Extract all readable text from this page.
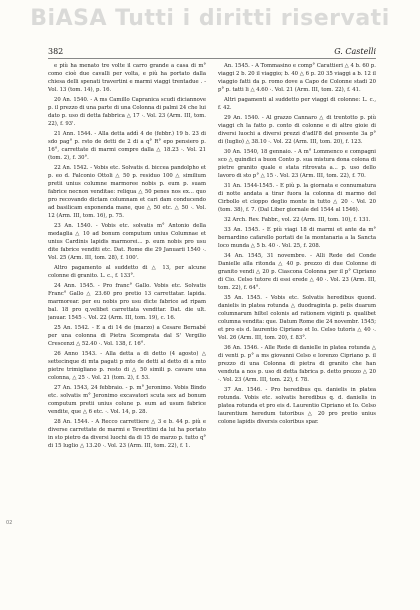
BiASA Tutti i diritti riservati
382	G. Castelli

e più ha menato tre volte il carro grande a casa di m° como cioè due cavalli per volta, e più ha portato dalla chiesa delli spenati travertini e marmi viaggi trentadue . - Vol. 13 (tom. 14), p. 16.

20 An. 1540. - A ms Camillo Capranica scudi diciannove p. il prezzo di una parte di una Colonna di palmi 24 che lui dato p. uso di detta fabbrica △ 17 ·. Vol. 23 (Arm. III, tom. 22), f. 93'.

21 Ann. 1544. - Alla detta addì 4 de (febbr.) 19 b. 23 di sdo pag° p. rsto de detti de 2 di a q° R° epo pensiero p. 16°, carrettate di marmi compre dalla △ 18.23 ·. Vol. 21 (tom. 2), f. 30°.

22 An. 1542. - Vobis etc. Solvatis d. biccea pandolpho et p. eo d. Falconio Ottoli △ 50 p. residuo 100 △ similium pretii unius columne marmoree nobis p. eum p. suam fabrice necnon venditae: reliqua △ 50 penes nos ex... quo pro recovando dictam columnam et cari dam conducendo ad basilicam exponenda mane, que △ 50 etc. △ 50 ·. Vol. 12 (Arm. III, tom. 16), p. 75.

23 An. 1540. - Vobis etc. solvatis m° Antonio della medaglia △ 10 ad bonum computum unius Columnae et unius Cardinis lapidis marmorei... p. eum nobis pro usu dite fabrice venditi etc. Dat. Rome die 29 Januarii 1540 ·. Vol. 25 (Arm. III, tom. 28), f. 100'.

Altro pagamento al suddetto di △ 13, per alcune colonne di granito. L. c., f. 133°.

24 Ann. 1545. - Pro franc° Gallo. Vobis etc. Solvatis Franc° Gallo △ 23.60 pro pretio 13 carrettatar. lapida. marmorear. per eu nobis pro usu dicte fabrice ad ripam bal. 18 pro q.velibet carrettata venditar. Dat. die ult. januar. 1545 ·. Vol. 22 (Arm. III, tom. 19), c. 16.

25 An. 1542. - E a di 14 de (marzo) a Cesare Bernabé per una colonna di Pietra Scomprata dal S' Vergilio Crescenzi △ 52.40 ·. Vol. 138, f. 16°.

26 Anno 1543. - Alla detta a di detto (4 agosto) △ settecinque di mta pagati p mto de detti al detto di a mto pietre trimigliano p. resto di △ 50 simili p. cavare una colonna, △ 25 ·. Vol. 21 (tom. 2), f. 53.

27 An. 1543, 24 febbraio. - p. m° Jeronimo. Vobis Bindo etc. solvatis m° Jeronimo excavatori scuta sex ad bonum computum pretii unius colune p. eum ad usum fabrice vendite, que △ 6 etc. ·. Vol. 14, p. 28.

28 An. 1544. - A Recco carrettiere △ 3 e b. 44 p. più e diverse carrettate de marmi e Teverttini da lui ha portato in sto pietro da diversi luochi da di 15 de marzo p. tutto q° di 15 luglio △ 13.20 ·. Vol. 23 (Arm. III, tom. 22), f. 1.

An. 1545. - A Tommasino e comp° Carattieri △ 4 b. 60 p. viaggi 2 b. 20 il viaggio; b. 40 △ 6 p. 20 35 viaggi a b. 12 il viaggio fatti da p. romo dove a Capo de Colonne stadi 20 p° p. tatti li △ 4.60 ·. Vol. 21 (Arm. III, tom. 22), f. 41.

Altri pagamenti al suddetto per viaggi di colonne: L. c., f. 42.

29 An. 1540. - Al grazzo Cannaro △ di trentotto p. più viaggi ch la fatto p. conto di colonne e di altre gioie di diversi luochi a diversi prezzi d'adll'8 del presente 3a p° di (luglio) △ 38.10 ·. Vol. 22 (Arm. III, tom. 20), f. 123.

30 An. 1540, 18 gennaio. - A m° Lommenco e compagni sco △ quindici a buon Conto p. sua mistura dona colona di pietre granito quale e stata ritrovata a... p. uso dello lavoro di sto p° △ 15 ·. Vol. 23 (Arm. III, tom. 22), f. 70.

31 An. 1544-1545. - E più p. la giornata e connumatura di notte andata a tirar fuora la colonna di marmo del Cirbollo et cioppo deglio monte in tutto △ 20 ·. Vol. 20 (tom. 38), f. 7. (Dal Liber giornale del 1544 al 1546).

32 Arch. Rev. Fabbr., vol. 22 (Arm. III, tom. 10), f. 131.

33 An. 1545. - E più viagi 18 di marmi et ante da m° bernardino cafarello portati de la montanaria a la Sancta loco munda △ 5 b. 40 ·. Vol. 25, f. 208.

34 An. 1545, 31 novembre. - Alli Rede del Conde Danielle alla ritonda △ 40 p. prezzo di due Colonne di granito vendi △ 20 p. Ciascona Colonna per il p° Cipriano di Cio. Celso tutore di essi erede △ 40 ·. Vol. 23 (Arm. III, tom. 22), f. 64°.

35 An. 1545. - Vobis etc. Solvatis heredibus quond. danielis in platea rotunda △ duodraginta p. pelis duarum columnarum hiltel colonis ad rationem viginti p. qualibet columna vendita: que. Datum Rome die 24 novembr. 1545; et pro eis d. laurentio Cipriano et Io. Celso tutoris △ 40 ·. Vol. 26 (Arm. III, tom. 20), f. 83°.

36 An. 1546. - Alle Rede di danielle in platea rotunda △ di venti p. p° a ms giovanni Celso e lorenzo Cipriano p. il prezzo di una Colonna di pietra di granito che han venduta a nos p. uso di detta fabrica p. detto prezzo △ 20 ·. Vol. 23 (Arm. III, tom. 22), f. 78.

37 An. 1546. - Pro heredibus qu. danielis in platea rotunda. Vobis etc. solvatis heredibus q. d. danielis in platea rotunda et pro eis d. Laurentio Cipriano et Io. Celso laurentium heredum tutoribus △ 20 pro pretio unius colone lapidis diversis coloribus spar.

02
